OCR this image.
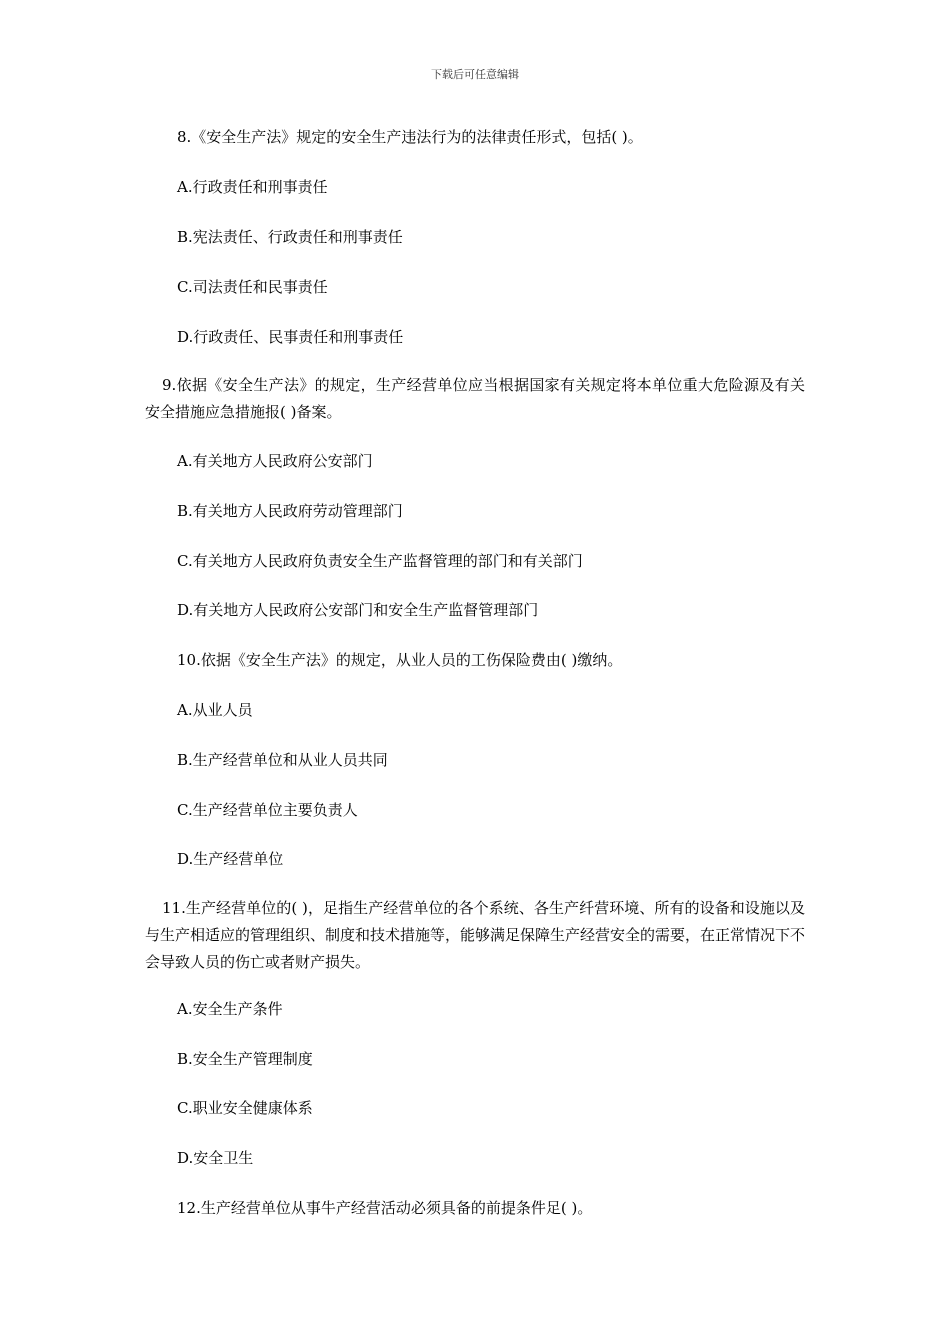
下载后可任意编辑
8.《安全生产法》规定的安全生产违法行为的法律责任形式，包括( )。
A.行政责任和刑事责任
B.宪法责任、行政责任和刑事责任
C.司法责任和民事责任
D.行政责任、民事责任和刑事责任
9.依据《安全生产法》的规定，生产经营单位应当根据国家有关规定将本单位重大危险源及有关安全措施应急措施报( )备案。
A.有关地方人民政府公安部门
B.有关地方人民政府劳动管理部门
C.有关地方人民政府负责安全生产监督管理的部门和有关部门
D.有关地方人民政府公安部门和安全生产监督管理部门
10.依据《安全生产法》的规定，从业人员的工伤保险费由( )缴纳。
A.从业人员
B.生产经营单位和从业人员共同
C.生产经营单位主要负责人
D.生产经营单位
11.生产经营单位的( )，足指生产经营单位的各个系统、各生产纤营环境、所有的设备和设施以及与生产相适应的管理组织、制度和技术措施等，能够满足保障生产经营安全的需要，在正常情况下不会导致人员的伤亡或者财产损失。
A.安全生产条件
B.安全生产管理制度
C.职业安全健康体系
D.安全卫生
12.生产经营单位从事牛产经营活动必须具备的前提条件足( )。
